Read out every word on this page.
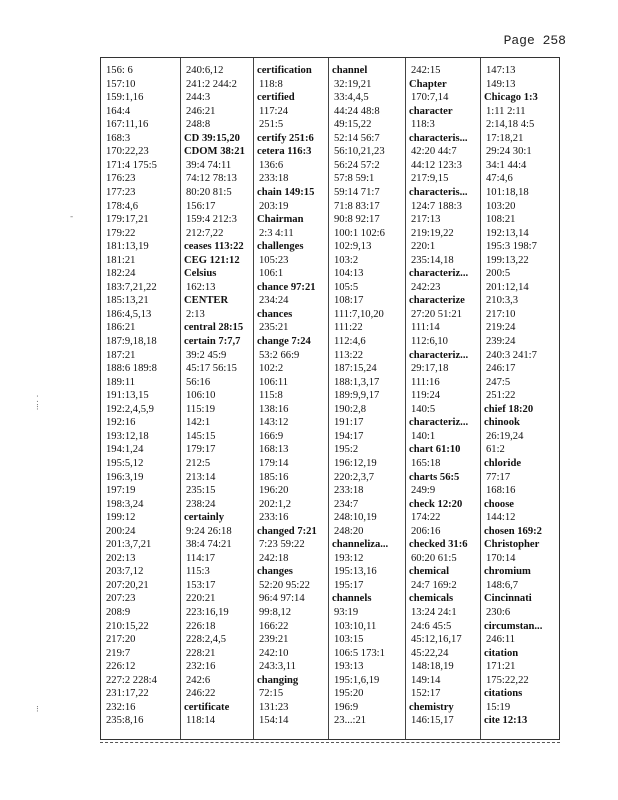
Page 258
156: 6
157:10
159:1,16
164:4
167:11,16
168:3
170:22,23
171:4 175:5
176:23
177:23
178:4,6
179:17,21
179:22
181:13,19
181:21
182:24
183:7,21,22
185:13,21
186:4,5,13
186:21
187:9,18,18
187:21
188:6 189:8
189:11
191:13,15
192:2,4,5,9
192:16
193:12,18
194:1,24
195:5,12
196:3,19
197:19
198:3,24
199:12
200:24
201:3,7,21
202:13
203:7,12
207:20,21
207:23
208:9
210:15,22
217:20
219:7
226:12
227:2 228:4
231:17,22
232:16
235:8,16
240:6,12
241:2 244:2
244:3
246:21
248:8
CD 39:15,20
CDOM 38:21
39:4 74:11
74:12 78:13
80:20 81:5
156:17
159:4 212:3
212:7,22
ceases 113:22
CEG 121:12
Celsius
162:13
CENTER
2:13
central 28:15
certain 7:7,7
39:2 45:9
45:17 56:15
56:16
106:10
115:19
142:1
145:15
179:17
212:5
213:14
235:15
238:24
certainly
9:24 26:18
38:4 74:21
114:17
115:3
153:17
220:21
223:16,19
226:18
228:2,4,5
228:21
232:16
242:6
246:22
certificate
118:14
certification
118:8
certified
117:24
251:5
certify 251:6
cetera 116:3
136:6
233:18
chain 149:15
203:19
Chairman
2:3 4:11
challenges
105:23
106:1
chance 97:21
234:24
chances
235:21
change 7:24
53:2 66:9
102:2
106:11
115:8
138:16
143:12
166:9
168:13
179:14
185:16
196:20
202:1,2
233:16
changed 7:21
7:23 59:22
242:18
changes
52:20 95:22
96:4 97:14
99:8,12
166:22
239:21
242:10
243:3,11
changing
72:15
131:23
154:14
channel
32:19,21
33:4,4,5
44:24 48:8
49:15,22
52:14 56:7
56:10,21,23
56:24 57:2
57:8 59:1
59:14 71:7
71:8 83:17
90:8 92:17
100:1 102:6
102:9,13
103:2
104:13
105:5
108:17
111:7,10,20
111:22
112:4,6
113:22
187:15,24
188:1,3,17
189:9,9,17
190:2,8
191:17
194:17
195:2
196:12,19
220:2,3,7
233:18
234:7
248:10,19
248:20
channeliza...
193:12
195:13,16
195:17
channels
93:19
103:10,11
103:15
106:5 173:1
193:13
195:1,6,19
195:20
196:9
23...:21
242:15
Chapter
170:7,14
character
118:3
characteris...
42:20 44:7
44:12 123:3
217:9,15
characteris...
124:7 188:3
217:13
219:19,22
220:1
235:14,18
characteriz...
242:23
characterize
27:20 51:21
111:14
112:6,10
characteriz...
29:17,18
111:16
119:24
140:5
characteriz...
140:1
chart 61:10
165:18
charts 56:5
249:9
check 12:20
174:22
206:16
checked 31:6
60:20 61:5
chemical
24:7 169:2
chemicals
13:24 24:1
24:6 45:5
45:12,16,17
45:22,24
148:18,19
149:14
152:17
chemistry
146:15,17
147:13
149:13
Chicago 1:3
1:11 2:11
2:14,18 4:5
17:18,21
29:24 30:1
34:1 44:4
47:4,6
101:18,18
103:20
108:21
192:13,14
195:3 198:7
199:13,22
200:5
201:12,14
210:3,3
217:10
219:24
239:24
240:3 241:7
246:17
247:5
251:22
chief 18:20
chinook
26:19,24
61:2
chloride
77:17
168:16
choose
144:12
chosen 169:2
Christopher
170:14
chromium
148:6,7
Cincinnati
230:6
circumstan...
246:11
citation
171:21
175:22,22
citations
15:19
cite 12:13
-
⁚
⁝
⁝
